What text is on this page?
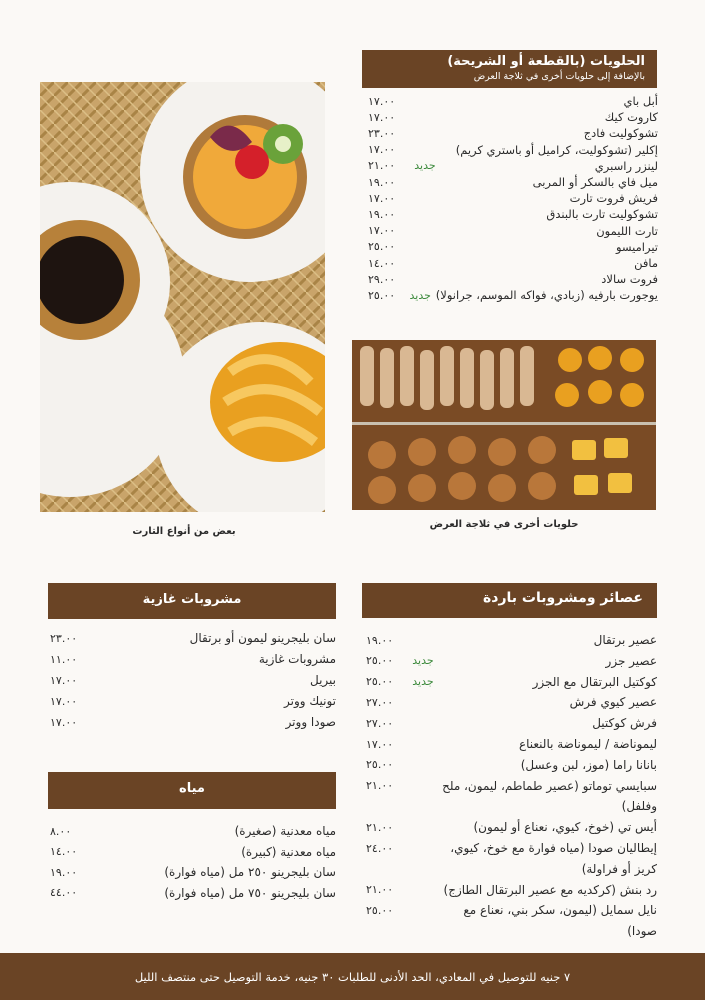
الحلويات (بالقطعة أو الشريحة)
بالإضافة إلى حلويات أخرى في ثلاجة العرض
أبل باي
١٧.٠٠
كاروت كيك
١٧.٠٠
تشوكوليت فادج
٢٣.٠٠
إكلير (تشوكوليت، كراميل أو باستري كريم)
١٧.٠٠
لينزر راسبري
جديد
٢١.٠٠
ميل فاي بالسكر أو المربى
١٩.٠٠
فريش فروت تارت
١٧.٠٠
تشوكوليت تارت بالبندق
١٩.٠٠
تارت الليمون
١٧.٠٠
تيراميسو
٢٥.٠٠
مافن
١٤.٠٠
فروت سالاد
٢٩.٠٠
يوجورت بارفيه (زبادي، فواكه الموسم، جرانولا)
جديد
٢٥.٠٠
بعض من أنواع التارت
حلويات أخرى في ثلاجة العرض
عصائر ومشروبات باردة
عصير برتقال
١٩.٠٠
عصير جزر
جديد
٢٥.٠٠
كوكتيل البرتقال مع الجزر
جديد
٢٥.٠٠
عصير كيوي فرش
٢٧.٠٠
فرش كوكتيل
٢٧.٠٠
ليموناضة / ليموناضة بالنعناع
١٧.٠٠
بانانا راما (موز، لبن وعسل)
٢٥.٠٠
سبايسي توماتو (عصير طماطم، ليمون، ملح
٢١.٠٠
وفلفل)
أيس تي (خوخ، كيوي، نعناع أو ليمون)
٢١.٠٠
إيطاليان صودا (مياه فوارة مع خوخ، كيوي،
٢٤.٠٠
كريز أو فراولة)
رد بنش (كركديه مع عصير البرتقال الطازج)
٢١.٠٠
نايل سمايل (ليمون، سكر بني، نعناع مع
٢٥.٠٠
صودا)
مشروبات غازية
سان بليجرينو ليمون أو برتقال
٢٣.٠٠
مشروبات غازية
١١.٠٠
بيريل
١٧.٠٠
تونيك ووتر
١٧.٠٠
صودا ووتر
١٧.٠٠
مياه
مياه معدنية (صغيرة)
٨.٠٠
مياه معدنية (كبيرة)
١٤.٠٠
سان بليجرينو ٢٥٠ مل (مياه فوارة)
١٩.٠٠
سان بليجرينو ٧٥٠ مل (مياه فوارة)
٤٤.٠٠
٧ جنيه للتوصيل في المعادي، الحد الأدنى للطلبات ٣٠ جنيه، خدمة التوصيل حتى منتصف الليل
